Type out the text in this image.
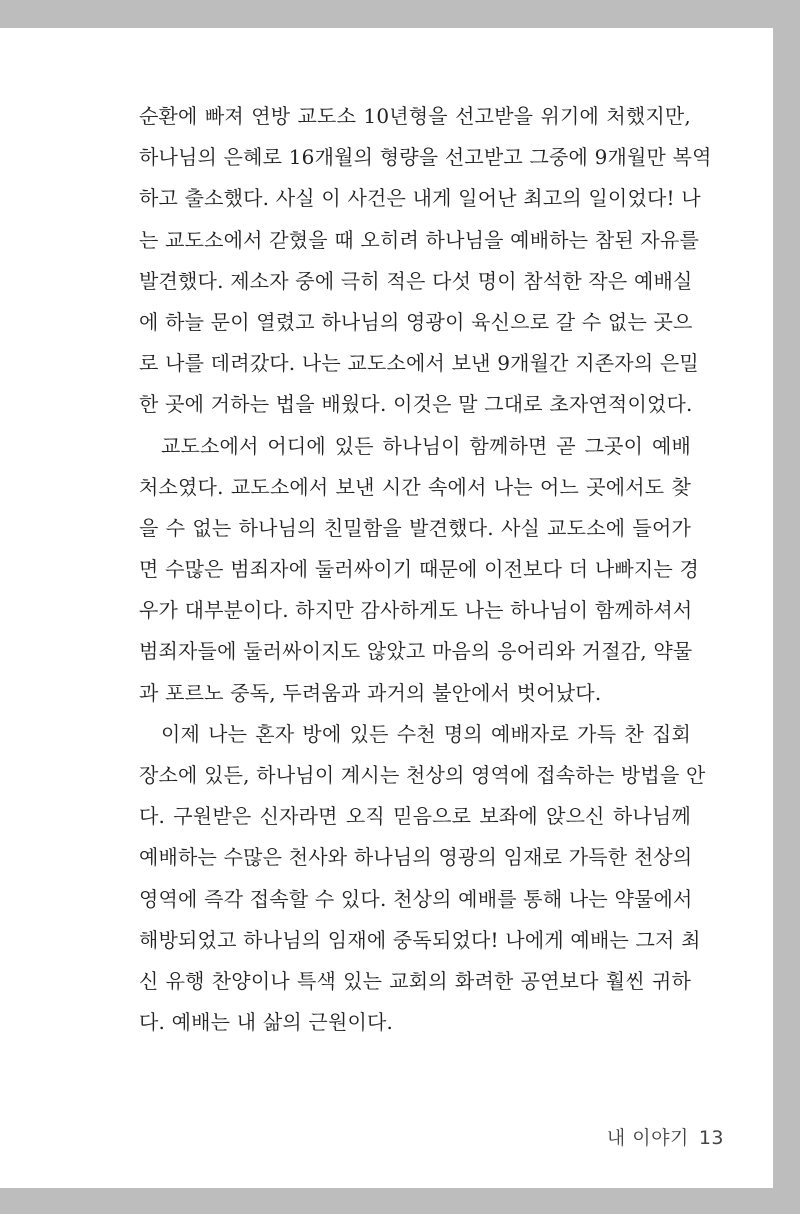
순환에 빠져 연방 교도소 10년형을 선고받을 위기에 처했지만,
하나님의 은혜로 16개월의 형량을 선고받고 그중에 9개월만 복역
하고 출소했다. 사실 이 사건은 내게 일어난 최고의 일이었다! 나
는 교도소에서 갇혔을 때 오히려 하나님을 예배하는 참된 자유를
발견했다. 제소자 중에 극히 적은 다섯 명이 참석한 작은 예배실
에 하늘 문이 열렸고 하나님의 영광이 육신으로 갈 수 없는 곳으
로 나를 데려갔다. 나는 교도소에서 보낸 9개월간 지존자의 은밀
한 곳에 거하는 법을 배웠다. 이것은 말 그대로 초자연적이었다.
교도소에서 어디에 있든 하나님이 함께하면 곧 그곳이 예배
처소였다. 교도소에서 보낸 시간 속에서 나는 어느 곳에서도 찾
을 수 없는 하나님의 친밀함을 발견했다. 사실 교도소에 들어가
면 수많은 범죄자에 둘러싸이기 때문에 이전보다 더 나빠지는 경
우가 대부분이다. 하지만 감사하게도 나는 하나님이 함께하셔서
범죄자들에 둘러싸이지도 않았고 마음의 응어리와 거절감, 약물
과 포르노 중독, 두려움과 과거의 불안에서 벗어났다.
이제 나는 혼자 방에 있든 수천 명의 예배자로 가득 찬 집회
장소에 있든, 하나님이 계시는 천상의 영역에 접속하는 방법을 안
다. 구원받은 신자라면 오직 믿음으로 보좌에 앉으신 하나님께
예배하는 수많은 천사와 하나님의 영광의 임재로 가득한 천상의
영역에 즉각 접속할 수 있다. 천상의 예배를 통해 나는 약물에서
해방되었고 하나님의 임재에 중독되었다! 나에게 예배는 그저 최
신 유행 찬양이나 특색 있는 교회의 화려한 공연보다 훨씬 귀하
다. 예배는 내 삶의 근원이다.
내 이야기 13
